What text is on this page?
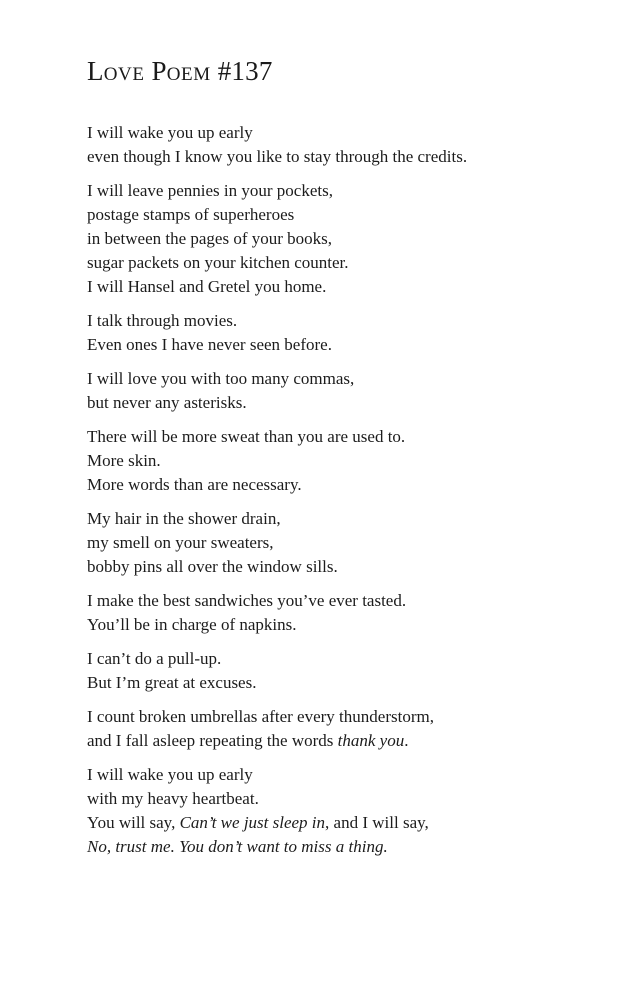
LOVE POEM #137
I will wake you up early
even though I know you like to stay through the credits.
I will leave pennies in your pockets,
postage stamps of superheroes
in between the pages of your books,
sugar packets on your kitchen counter.
I will Hansel and Gretel you home.
I talk through movies.
Even ones I have never seen before.
I will love you with too many commas,
but never any asterisks.
There will be more sweat than you are used to.
More skin.
More words than are necessary.
My hair in the shower drain,
my smell on your sweaters,
bobby pins all over the window sills.
I make the best sandwiches you’ve ever tasted.
You’ll be in charge of napkins.
I can’t do a pull-up.
But I’m great at excuses.
I count broken umbrellas after every thunderstorm,
and I fall asleep repeating the words thank you.
I will wake you up early
with my heavy heartbeat.
You will say, Can’t we just sleep in, and I will say,
No, trust me. You don’t want to miss a thing.
